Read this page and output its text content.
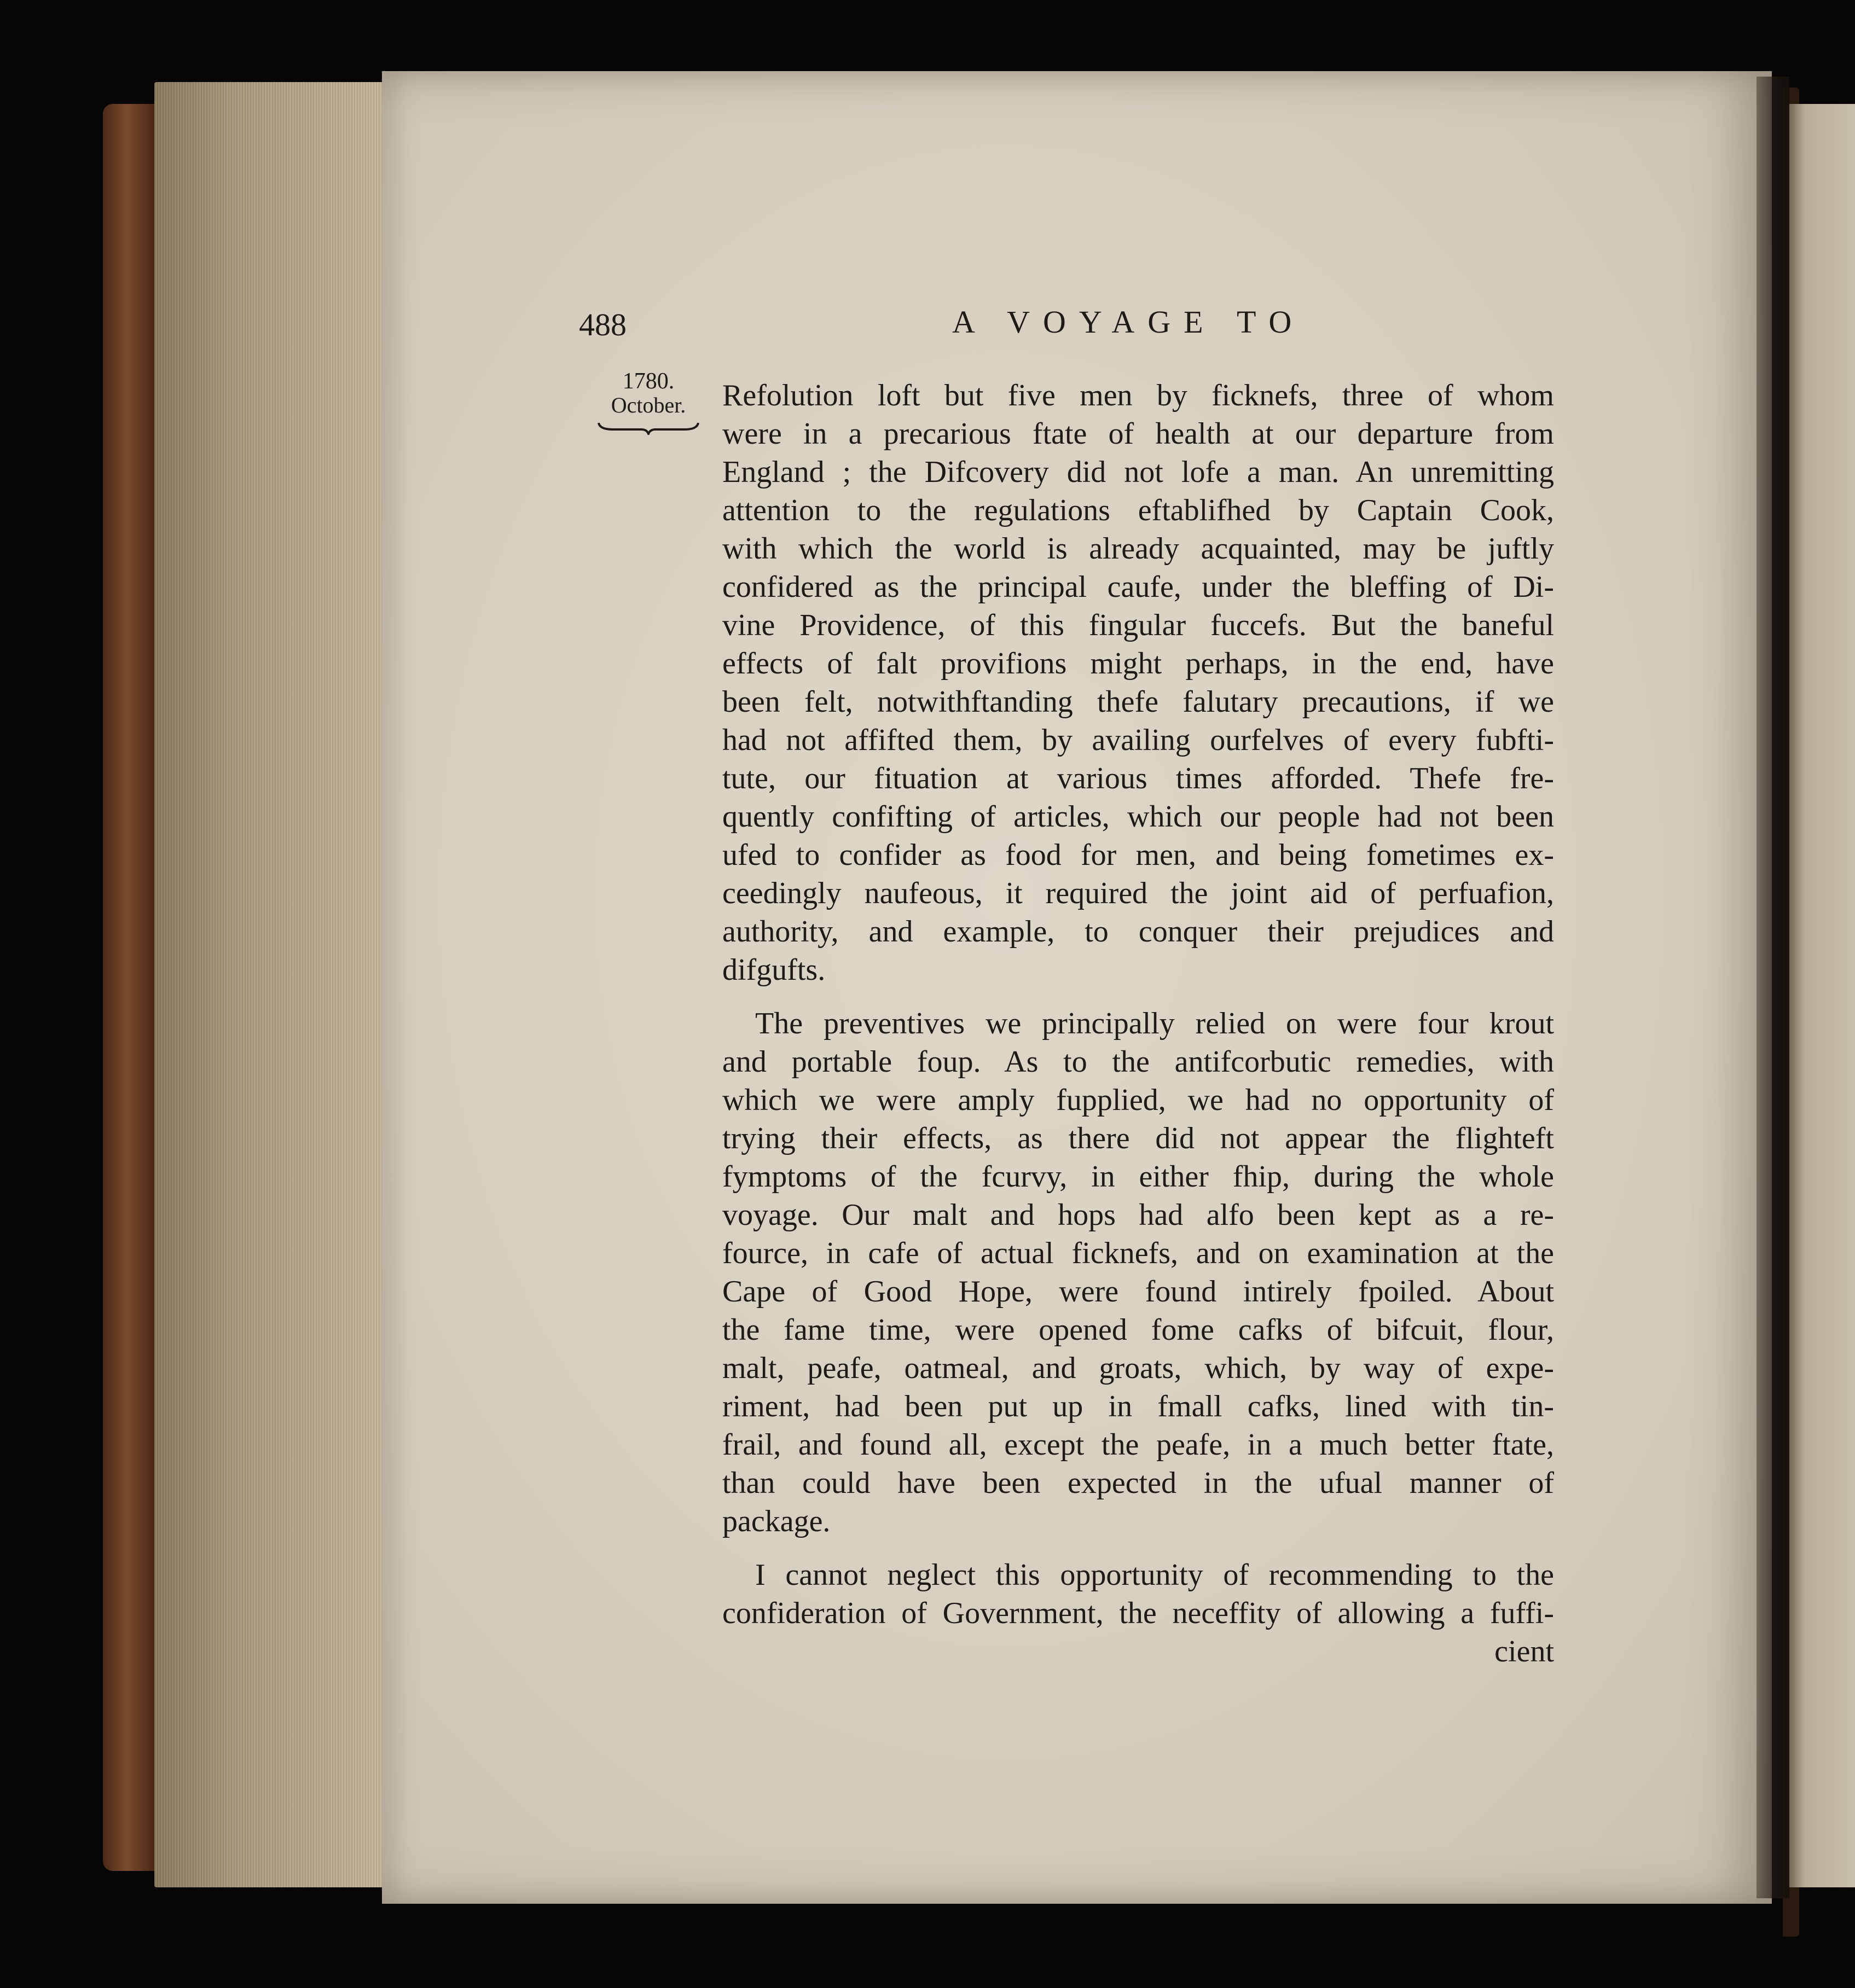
488	A VOYAGE TO
1780.
October.	Refolution loft but five men by ficknefs, three of whom
were in a precarious ftate of health at our departure from
England ; the Difcovery did not lofe a man. An unremitting
attention to the regulations eftablifhed by Captain Cook,
with which the world is already acquainted, may be juftly
confidered as the principal caufe, under the bleffing of Di-
vine Providence, of this fingular fuccefs. But the baneful
effects of falt provifions might perhaps, in the end, have
been felt, notwithftanding thefe falutary precautions, if we
had not affifted them, by availing ourfelves of every fubfti-
tute, our fituation at various times afforded. Thefe fre-
quently confifting of articles, which our people had not been
ufed to confider as food for men, and being fometimes ex-
ceedingly naufeous, it required the joint aid of perfuafion,
authority, and example, to conquer their prejudices and
difgufts.
The preventives we principally relied on were four krout
and portable foup. As to the antifcorbutic remedies, with
which we were amply fupplied, we had no opportunity of
trying their effects, as there did not appear the flighteft
fymptoms of the fcurvy, in either fhip, during the whole
voyage. Our malt and hops had alfo been kept as a re-
fource, in cafe of actual ficknefs, and on examination at the
Cape of Good Hope, were found intirely fpoiled. About
the fame time, were opened fome cafks of bifcuit, flour,
malt, peafe, oatmeal, and groats, which, by way of expe-
riment, had been put up in fmall cafks, lined with tin-
frail, and found all, except the peafe, in a much better ftate,
than could have been expected in the ufual manner of
package.
I cannot neglect this opportunity of recommending to the
confideration of Government, the neceffity of allowing a fuffi-
cient
